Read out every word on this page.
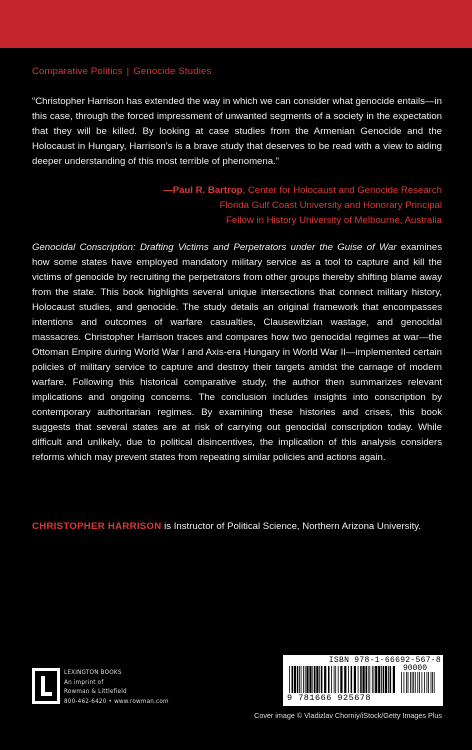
Comparative Politics | Genocide Studies
“Christopher Harrison has extended the way in which we can consider what genocide entails—in this case, through the forced impressment of unwanted segments of a society in the expectation that they will be killed. By looking at case studies from the Armenian Genocide and the Holocaust in Hungary, Harrison’s is a brave study that deserves to be read with a view to aiding deeper understanding of this most terrible of phenomena.”
—Paul R. Bartrop, Center for Holocaust and Genocide Research
Florida Gulf Coast University and Honorary Principal
Fellow in History University of Melbourne, Australia
Genocidal Conscription: Drafting Victims and Perpetrators under the Guise of War examines how some states have employed mandatory military service as a tool to capture and kill the victims of genocide by recruiting the perpetrators from other groups thereby shifting blame away from the state. This book highlights several unique intersections that connect military history, Holocaust studies, and genocide. The study details an original framework that encompasses intentions and outcomes of warfare casualties, Clausewitzian wastage, and genocidal massacres. Christopher Harrison traces and compares how two genocidal regimes at war—the Ottoman Empire during World War I and Axis-era Hungary in World War II—implemented certain policies of military service to capture and destroy their targets amidst the carnage of modern warfare. Following this historical comparative study, the author then summarizes relevant implications and ongoing concerns. The conclusion includes insights into conscription by contemporary authoritarian regimes. By examining these histories and crises, this book suggests that several states are at risk of carrying out genocidal conscription today. While difficult and unlikely, due to political disincentives, the implication of this analysis considers reforms which may prevent states from repeating similar policies and actions again.
CHRISTOPHER HARRISON is Instructor of Political Science, Northern Arizona University.
LEXINGTON BOOKS
An imprint of
Rowman & Littlefield
800-462-6420 • www.rowman.com
ISBN 978-1-66692-567-8
90000
9 781666 925678
Cover image © Vladizlav Chorniy/iStock/Getty Images Plus
